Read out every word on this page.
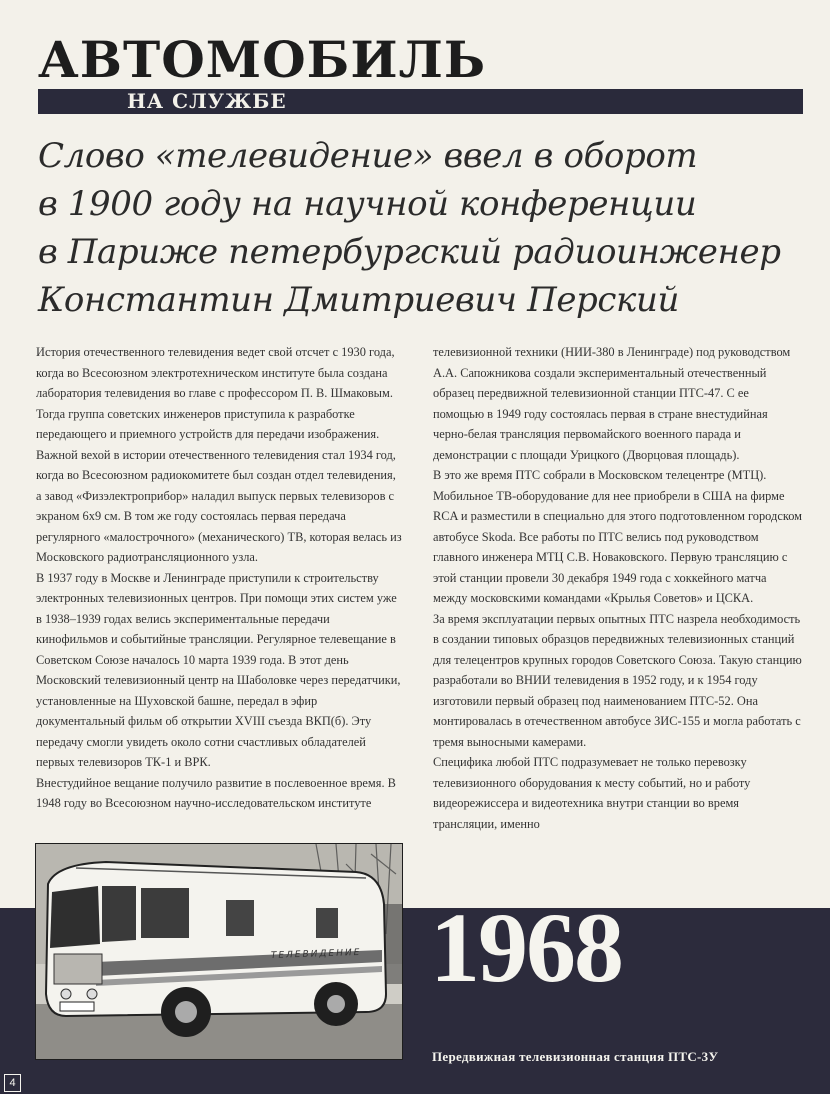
АВТОМОБИЛЬ
НА СЛУЖБЕ
Слово «телевидение» ввел в оборот
в 1900 году на научной конференции
в Париже петербургский радиоинженер
Константин Дмитриевич Перский

История отечественного телевидения ведет свой отсчет с 1930 года, когда во Всесоюзном электротехническом институте была создана лаборатория телевидения во главе с профессором П. В. Шмаковым. Тогда группа советских инженеров приступила к разработке передающего и приемного устройств для передачи изображения.

Важной вехой в истории отечественного телевидения стал 1934 год, когда во Всесоюзном радиокомитете был создан отдел телевидения, а завод «Физэлектроприбор» наладил выпуск первых телевизоров с экраном 6х9 см. В том же году состоялась первая передача регулярного «малострочного» (механического) ТВ, которая велась из Московского радиотрансляционного узла.

В 1937 году в Москве и Ленинграде приступили к строительству электронных телевизионных центров. При помощи этих систем уже в 1938–1939 годах велись экспериментальные передачи кинофильмов и событийные трансляции. Регулярное телевещание в Советском Союзе началось 10 марта 1939 года. В этот день Московский телевизионный центр на Шаболовке через передатчики, установленные на Шуховской башне, передал в эфир документальный фильм об открытии XVIII съезда ВКП(б). Эту передачу смогли увидеть около сотни счастливых обладателей первых телевизоров ТК-1 и ВРК.

Внестудийное вещание получило развитие в послевоенное время. В 1948 году во Всесоюзном научно-исследовательском институте

телевизионной техники (НИИ-380 в Ленинграде) под руководством А.А. Сапожникова создали экспериментальный отечественный образец передвижной телевизионной станции ПТС-47. С ее помощью в 1949 году состоялась первая в стране внестудийная черно-белая трансляция первомайского военного парада и демонстрации с площади Урицкого (Дворцовая площадь).

В это же время ПТС собрали в Московском телецентре (МТЦ). Мобильное ТВ-оборудование для нее приобрели в США на фирме RCA и разместили в специально для этого подготовленном городском автобусе Skoda. Все работы по ПТС велись под руководством главного инженера МТЦ С.В. Новаковского. Первую трансляцию с этой станции провели 30 декабря 1949 года с хоккейного матча между московскими командами «Крылья Советов» и ЦСКА.

За время эксплуатации первых опытных ПТС назрела необходимость в создании типовых образцов передвижных телевизионных станций для телецентров крупных городов Советского Союза. Такую станцию разработали во ВНИИ телевидения в 1952 году, и к 1954 году изготовили первый образец под наименованием ПТС-52. Она монтировалась в отечественном автобусе ЗИС-155 и могла работать с тремя выносными камерами.

Специфика любой ПТС подразумевает не только перевозку телевизионного оборудования к месту событий, но и работу видеорежиссера и видеотехника внутри станции во время трансляции, именно

ТЕЛЕВИДЕНИЕ 1968
Передвижная телевизионная станция ПТС-3У
4
